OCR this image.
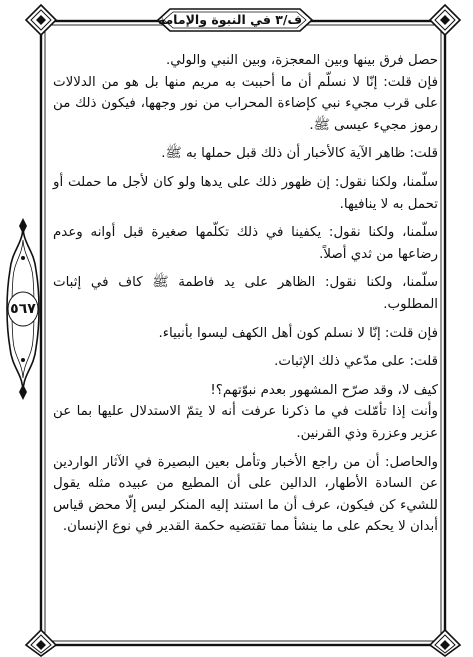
ف/٣ في النبوة والإمامة
٥٦٧

حصل فرق بينها وبين المعجزة، وبين النبي والولي.

فإن قلت: إنّا لا نسلّم أن ما أحببت به مريم منها بل هو من الدلالات على قرب مجيء نبي كإضاءة المحراب من نور وجهها، فيكون ذلك من رموز مجيء عيسى ﷺ.

قلت: ظاهر الآية كالأخبار أن ذلك قبل حملها به ﷺ.

سلّمنا، ولكنا نقول: إن ظهور ذلك على يدها ولو كان لأجل ما حملت أو تحمل به لا ينافيها.

سلّمنا، ولكنا نقول: يكفينا في ذلك تكلّمها صغيرة قبل أوانه وعدم رضاعها من ثدي أصلاً.

سلّمنا، ولكنا نقول: الظاهر على يد فاطمة ﷺ كاف في إثبات المطلوب.

فإن قلت: إنّا لا نسلم كون أهل الكهف ليسوا بأنبياء.

قلت: على مدّعي ذلك الإثبات.

كيف لا، وقد صرّح المشهور بعدم نبوّتهم؟!

وأنت إذا تأمّلت في ما ذكرنا عرفت أنه لا يتمّ الاستدلال عليها بما عن عزير وعزرة وذي القرنين.

والحاصل: أن من راجع الأخبار وتأمل بعين البصيرة في الآثار الواردين عن السادة الأطهار، الدالين على أن المطيع من عبيده مثله يقول للشيء كن فيكون، عرف أن ما استند إليه المنكر ليس إلّا محض قياس أبدان لا يحكم على ما ينشأ مما تقتضيه حكمة القدير في نوع الإنسان.
